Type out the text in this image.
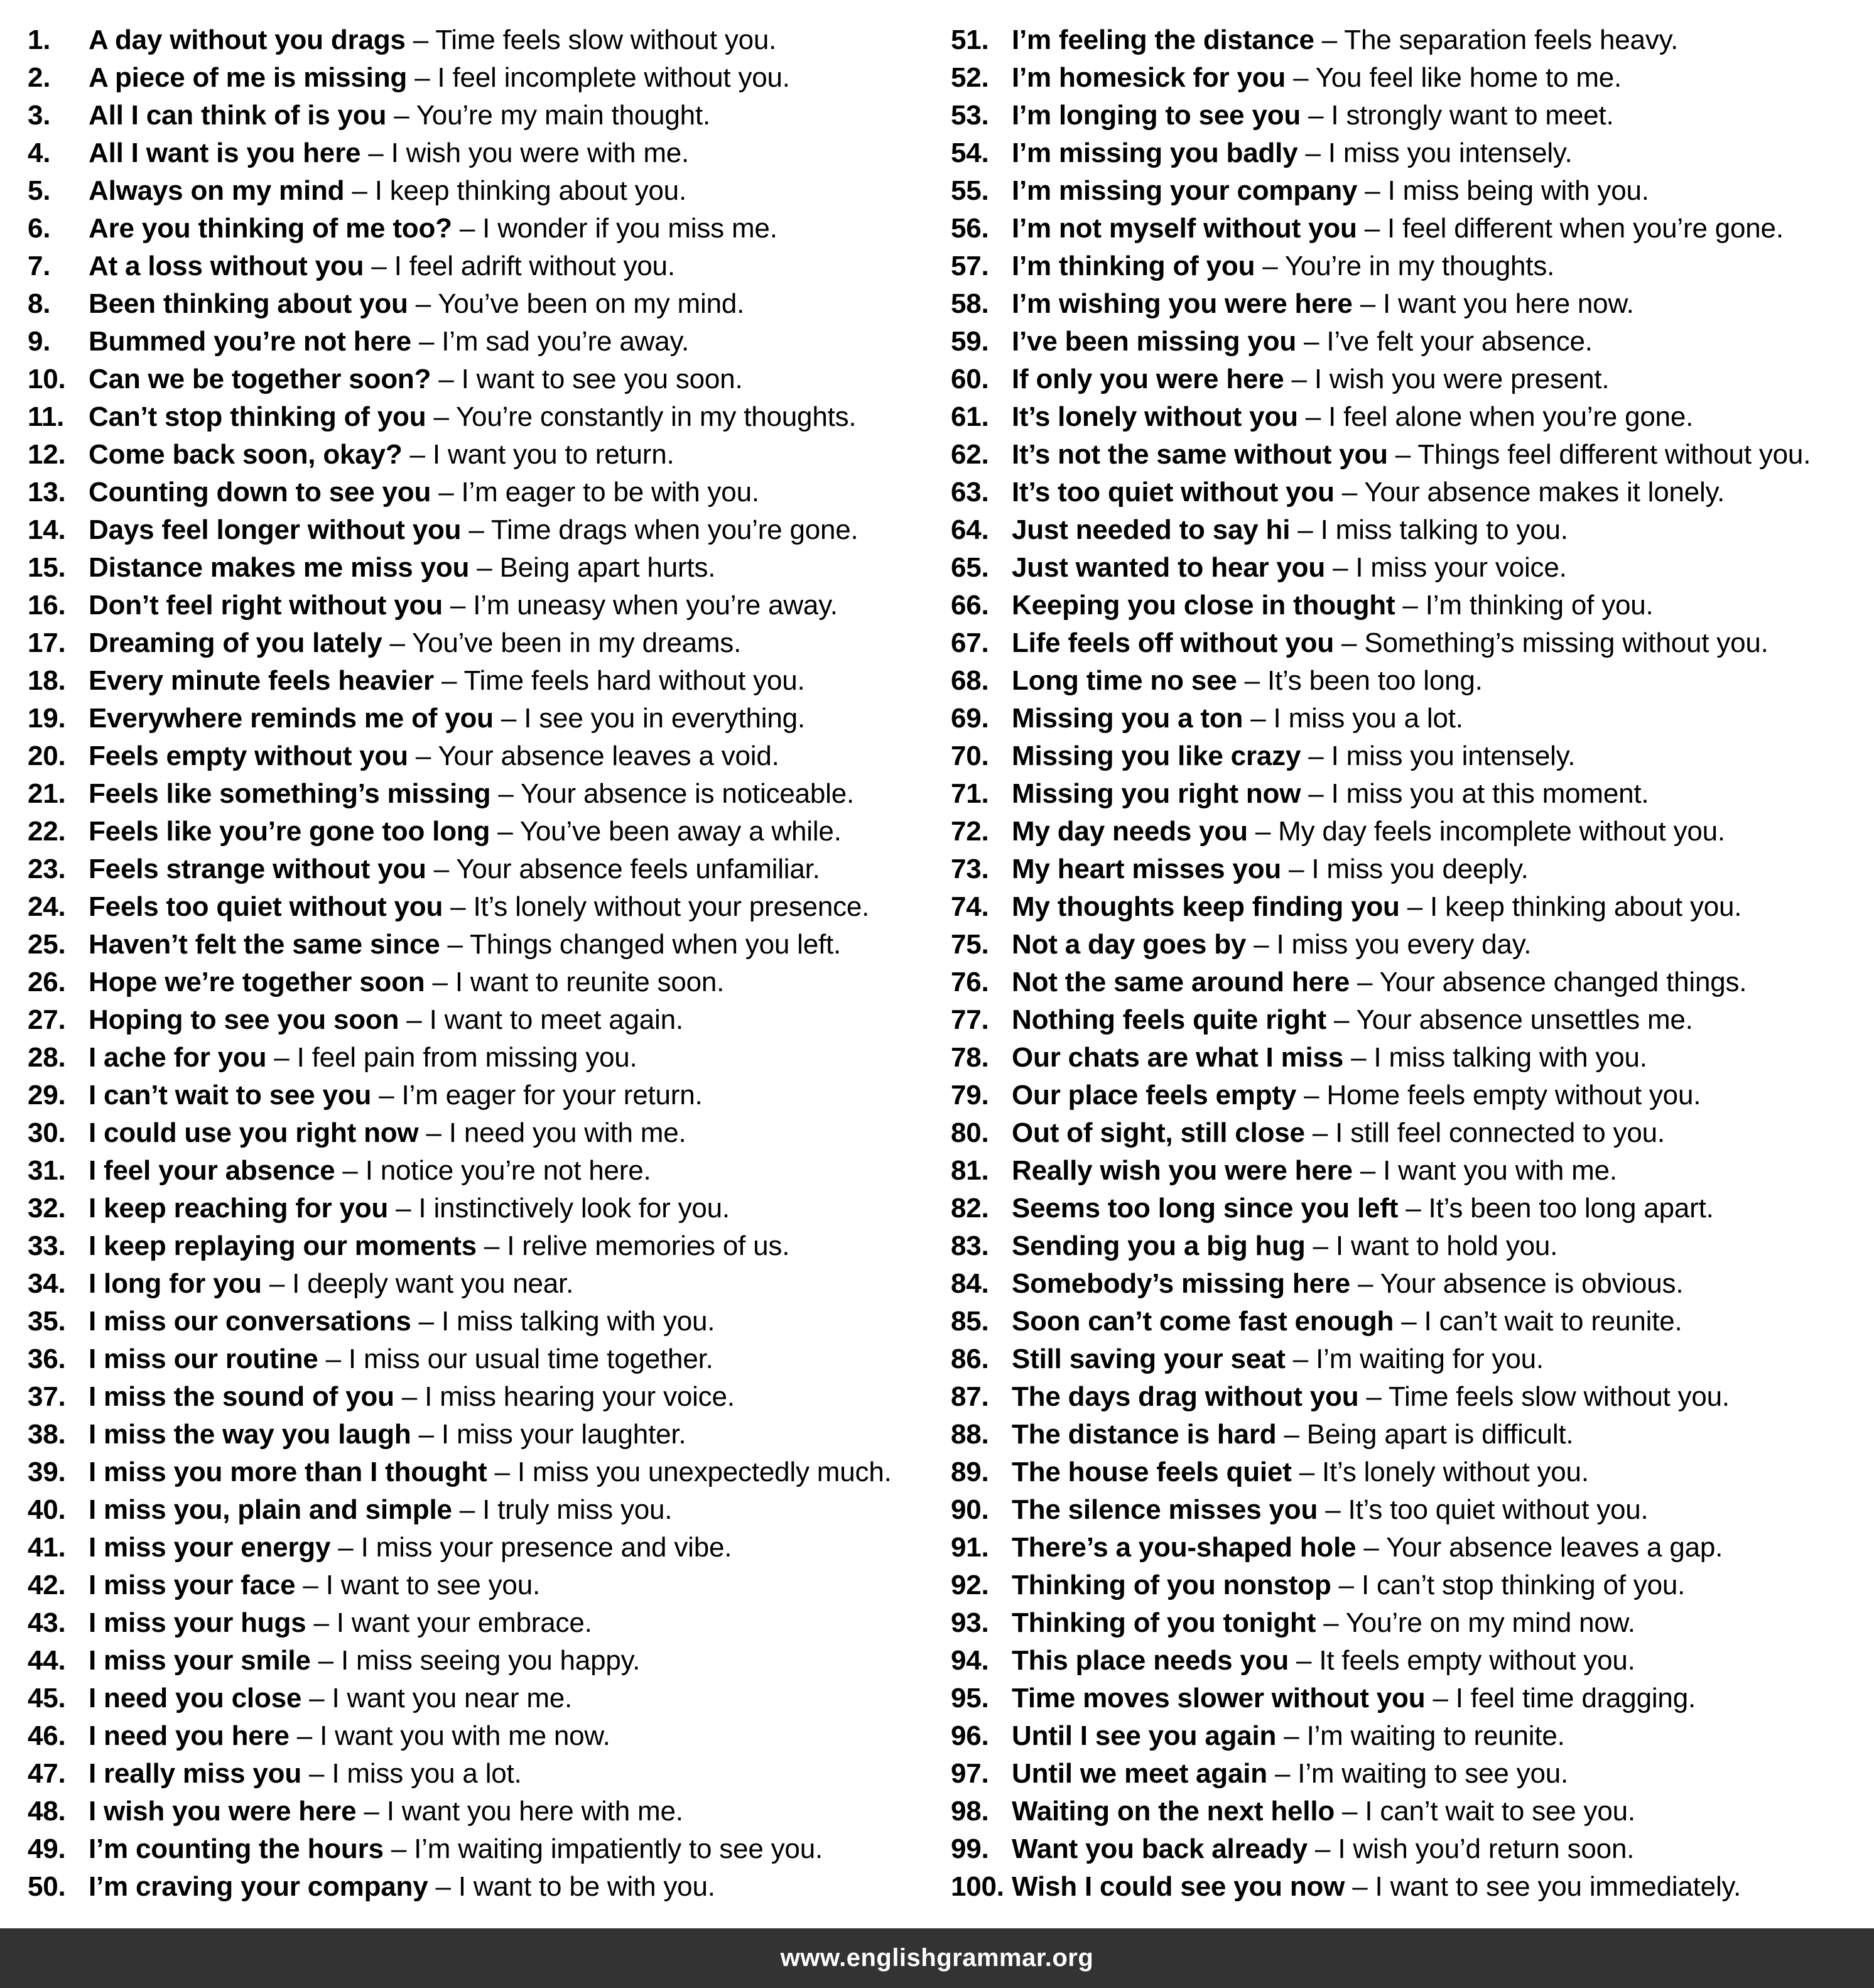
1. A day without you drags – Time feels slow without you.
2. A piece of me is missing – I feel incomplete without you.
3. All I can think of is you – You’re my main thought.
4. All I want is you here – I wish you were with me.
5. Always on my mind – I keep thinking about you.
6. Are you thinking of me too? – I wonder if you miss me.
7. At a loss without you – I feel adrift without you.
8. Been thinking about you – You’ve been on my mind.
9. Bummed you’re not here – I’m sad you’re away.
10. Can we be together soon? – I want to see you soon.
11. Can’t stop thinking of you – You’re constantly in my thoughts.
12. Come back soon, okay? – I want you to return.
13. Counting down to see you – I’m eager to be with you.
14. Days feel longer without you – Time drags when you’re gone.
15. Distance makes me miss you – Being apart hurts.
16. Don’t feel right without you – I’m uneasy when you’re away.
17. Dreaming of you lately – You’ve been in my dreams.
18. Every minute feels heavier – Time feels hard without you.
19. Everywhere reminds me of you – I see you in everything.
20. Feels empty without you – Your absence leaves a void.
21. Feels like something’s missing – Your absence is noticeable.
22. Feels like you’re gone too long – You’ve been away a while.
23. Feels strange without you – Your absence feels unfamiliar.
24. Feels too quiet without you – It’s lonely without your presence.
25. Haven’t felt the same since – Things changed when you left.
26. Hope we’re together soon – I want to reunite soon.
27. Hoping to see you soon – I want to meet again.
28. I ache for you – I feel pain from missing you.
29. I can’t wait to see you – I’m eager for your return.
30. I could use you right now – I need you with me.
31. I feel your absence – I notice you’re not here.
32. I keep reaching for you – I instinctively look for you.
33. I keep replaying our moments – I relive memories of us.
34. I long for you – I deeply want you near.
35. I miss our conversations – I miss talking with you.
36. I miss our routine – I miss our usual time together.
37. I miss the sound of you – I miss hearing your voice.
38. I miss the way you laugh – I miss your laughter.
39. I miss you more than I thought – I miss you unexpectedly much.
40. I miss you, plain and simple – I truly miss you.
41. I miss your energy – I miss your presence and vibe.
42. I miss your face – I want to see you.
43. I miss your hugs – I want your embrace.
44. I miss your smile – I miss seeing you happy.
45. I need you close – I want you near me.
46. I need you here – I want you with me now.
47. I really miss you – I miss you a lot.
48. I wish you were here – I want you here with me.
49. I’m counting the hours – I’m waiting impatiently to see you.
50. I’m craving your company – I want to be with you.
51. I’m feeling the distance – The separation feels heavy.
52. I’m homesick for you – You feel like home to me.
53. I’m longing to see you – I strongly want to meet.
54. I’m missing you badly – I miss you intensely.
55. I’m missing your company – I miss being with you.
56. I’m not myself without you – I feel different when you’re gone.
57. I’m thinking of you – You’re in my thoughts.
58. I’m wishing you were here – I want you here now.
59. I’ve been missing you – I’ve felt your absence.
60. If only you were here – I wish you were present.
61. It’s lonely without you – I feel alone when you’re gone.
62. It’s not the same without you – Things feel different without you.
63. It’s too quiet without you – Your absence makes it lonely.
64. Just needed to say hi – I miss talking to you.
65. Just wanted to hear you – I miss your voice.
66. Keeping you close in thought – I’m thinking of you.
67. Life feels off without you – Something’s missing without you.
68. Long time no see – It’s been too long.
69. Missing you a ton – I miss you a lot.
70. Missing you like crazy – I miss you intensely.
71. Missing you right now – I miss you at this moment.
72. My day needs you – My day feels incomplete without you.
73. My heart misses you – I miss you deeply.
74. My thoughts keep finding you – I keep thinking about you.
75. Not a day goes by – I miss you every day.
76. Not the same around here – Your absence changed things.
77. Nothing feels quite right – Your absence unsettles me.
78. Our chats are what I miss – I miss talking with you.
79. Our place feels empty – Home feels empty without you.
80. Out of sight, still close – I still feel connected to you.
81. Really wish you were here – I want you with me.
82. Seems too long since you left – It’s been too long apart.
83. Sending you a big hug – I want to hold you.
84. Somebody’s missing here – Your absence is obvious.
85. Soon can’t come fast enough – I can’t wait to reunite.
86. Still saving your seat – I’m waiting for you.
87. The days drag without you – Time feels slow without you.
88. The distance is hard – Being apart is difficult.
89. The house feels quiet – It’s lonely without you.
90. The silence misses you – It’s too quiet without you.
91. There’s a you-shaped hole – Your absence leaves a gap.
92. Thinking of you nonstop – I can’t stop thinking of you.
93. Thinking of you tonight – You’re on my mind now.
94. This place needs you – It feels empty without you.
95. Time moves slower without you – I feel time dragging.
96. Until I see you again – I’m waiting to reunite.
97. Until we meet again – I’m waiting to see you.
98. Waiting on the next hello – I can’t wait to see you.
99. Want you back already – I wish you’d return soon.
100. Wish I could see you now – I want to see you immediately.
www.englishgrammar.org
